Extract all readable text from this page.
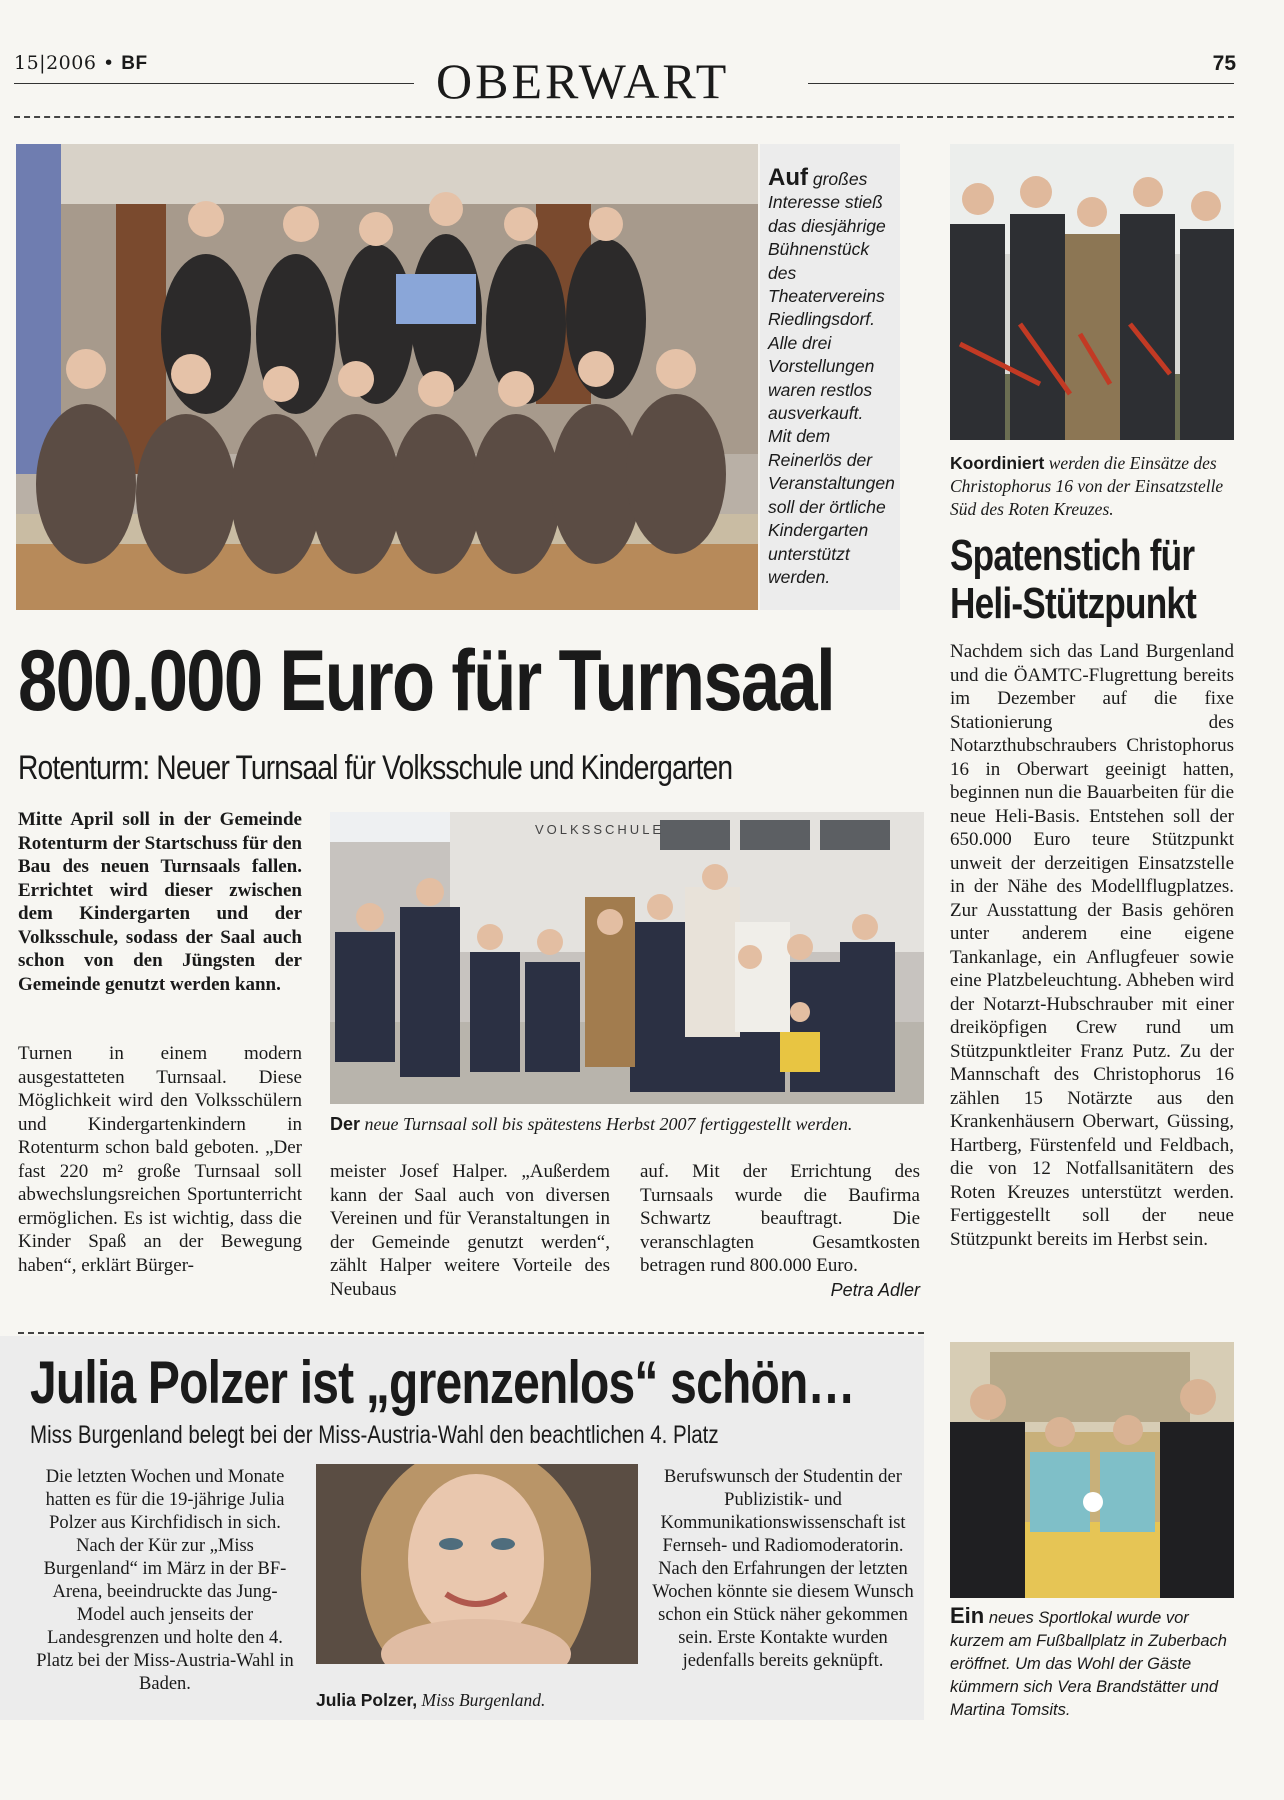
15|2006 • BF	OBERWART	75
Auf großes Interesse stieß das diesjährige Bühnenstück des Theatervereins Riedlingsdorf. Alle drei Vorstellungen waren restlos ausverkauft. Mit dem Reinerlös der Veranstaltungen soll der örtliche Kindergarten unterstützt werden.
800.000 Euro für Turnsaal
Rotenturm: Neuer Turnsaal für Volksschule und Kindergarten
Mitte April soll in der Gemeinde Rotenturm der Startschuss für den Bau des neuen Turnsaals fallen. Errichtet wird dieser zwischen dem Kindergarten und der Volksschule, sodass der Saal auch schon von den Jüngsten der Gemeinde genutzt werden kann.
VOLKSSCHULE
Der neue Turnsaal soll bis spätestens Herbst 2007 fertiggestellt werden.
Turnen in einem modern ausgestatteten Turnsaal. Diese Möglichkeit wird den Volksschülern und Kindergartenkindern in Rotenturm schon bald geboten. „Der fast 220 m² große Turnsaal soll abwechslungsreichen Sportunterricht ermöglichen. Es ist wichtig, dass die Kinder Spaß an der Bewegung haben“, erklärt Bürger-
meister Josef Halper. „Außerdem kann der Saal auch von diversen Vereinen und für Veranstaltungen in der Gemeinde genutzt werden“, zählt Halper weitere Vorteile des Neubaus
auf. Mit der Errichtung des Turnsaals wurde die Baufirma Schwartz beauftragt. Die veranschlagten Gesamtkosten betragen rund 800.000 Euro.
Petra Adler
Koordiniert werden die Einsätze des Christophorus 16 von der Einsatzstelle Süd des Roten Kreuzes.
Spatenstich für
Heli-Stützpunkt
Nachdem sich das Land Burgenland und die ÖAMTC-Flugrettung bereits im Dezember auf die fixe Stationierung des Notarzthubschraubers Christophorus 16 in Oberwart geeinigt hatten, beginnen nun die Bauarbeiten für die neue Heli-Basis. Entstehen soll der 650.000 Euro teure Stützpunkt unweit der derzeitigen Einsatzstelle in der Nähe des Modellflugplatzes. Zur Ausstattung der Basis gehören unter anderem eine eigene Tankanlage, ein Anflugfeuer sowie eine Platzbeleuchtung. Abheben wird der Notarzt-Hubschrauber mit einer dreiköpfigen Crew rund um Stützpunktleiter Franz Putz. Zu der Mannschaft des Christophorus 16 zählen 15 Notärzte aus den Krankenhäusern Oberwart, Güssing, Hartberg, Fürstenfeld und Feldbach, die von 12 Notfallsanitätern des Roten Kreuzes unterstützt werden. Fertiggestellt soll der neue Stützpunkt bereits im Herbst sein.
Julia Polzer ist „grenzenlos“ schön…
Miss Burgenland belegt bei der Miss-Austria-Wahl den beachtlichen 4. Platz
Die letzten Wochen und Monate hatten es für die 19-jährige Julia Polzer aus Kirchfidisch in sich. Nach der Kür zur „Miss Burgenland“ im März in der BF-Arena, beeindruckte das Jung-Model auch jenseits der Landesgrenzen und holte den 4. Platz bei der Miss-Austria-Wahl in Baden.
Julia Polzer, Miss Burgenland.
Berufswunsch der Studentin der Publizistik- und Kommunikationswissenschaft ist Fernseh- und Radiomoderatorin. Nach den Erfahrungen der letzten Wochen könnte sie diesem Wunsch schon ein Stück näher gekommen sein. Erste Kontakte wurden jedenfalls bereits geknüpft.
Ein neues Sportlokal wurde vor kurzem am Fußballplatz in Zuberbach eröffnet. Um das Wohl der Gäste kümmern sich Vera Brandstätter und Martina Tomsits.
